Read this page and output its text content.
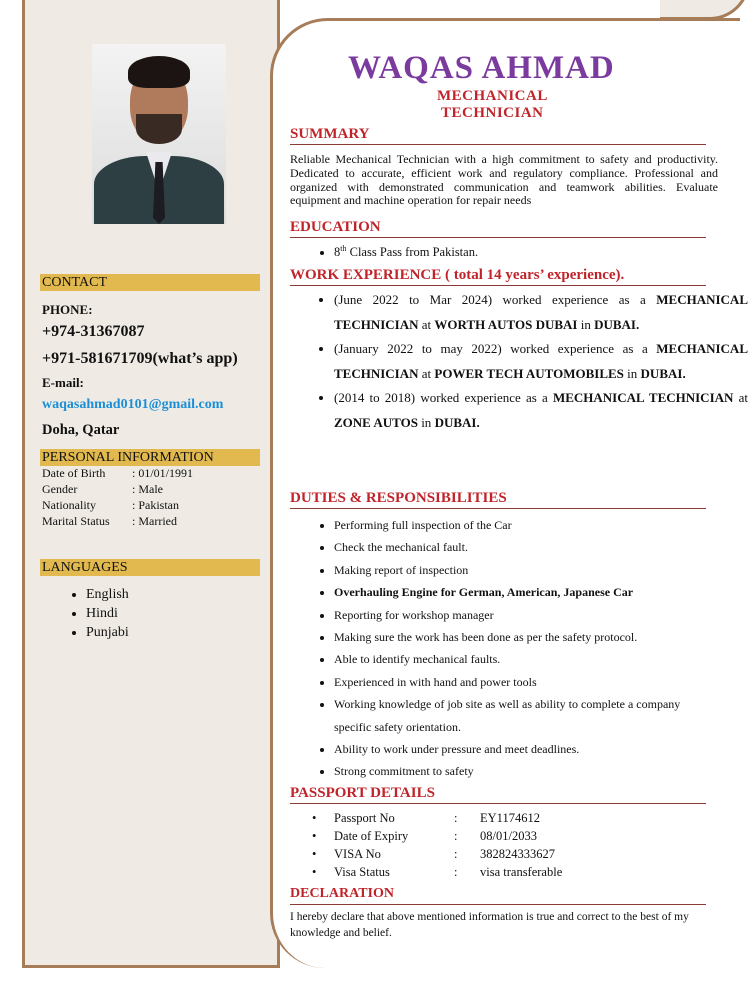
CONTACT
PHONE:
+974-31367087
+971-581671709(what’s app)
E-mail:
waqasahmad0101@gmail.com
Doha, Qatar
PERSONAL INFORMATION
Date of Birth : 01/01/1991
Gender	: Male
Nationality	: Pakistan
Marital Status : Married
LANGUAGES
• English
• Hindi
• Punjabi
WAQAS AHMAD
MECHANICAL
TECHNICIAN
SUMMARY
Reliable Mechanical Technician with a high commitment to safety and productivity. Dedicated to accurate, efficient work and regulatory compliance. Professional and organized with demonstrated communication and teamwork abilities. Evaluate equipment and machine operation for repair needs
EDUCATION
• 8th Class Pass from Pakistan.
WORK EXPERIENCE ( total 14 years’ experience).
• (June 2022 to Mar 2024) worked experience as a MECHANICAL TECHNICIAN at WORTH AUTOS DUBAI in DUBAI.
• (January 2022 to may 2022) worked experience as a MECHANICAL TECHNICIAN at POWER TECH AUTOMOBILES in DUBAI.
• (2014 to 2018) worked experience as a MECHANICAL TECHNICIAN at ZONE AUTOS in DUBAI.
DUTIES & RESPONSIBILITIES
• Performing full inspection of the Car
• Check the mechanical fault.
• Making report of inspection
• Overhauling Engine for German, American, Japanese Car
• Reporting for workshop manager
• Making sure the work has been done as per the safety protocol.
• Able to identify mechanical faults.
• Experienced in with hand and power tools
• Working knowledge of job site as well as ability to complete a company specific safety orientation.
• Ability to work under pressure and meet deadlines.
• Strong commitment to safety
PASSPORT DETAILS
• Passport No	: EY1174612
• Date of Expiry	: 08/01/2033
• VISA No	: 382824333627
• Visa Status	: visa transferable
DECLARATION
I hereby declare that above mentioned information is true and correct to the best of my knowledge and belief.
